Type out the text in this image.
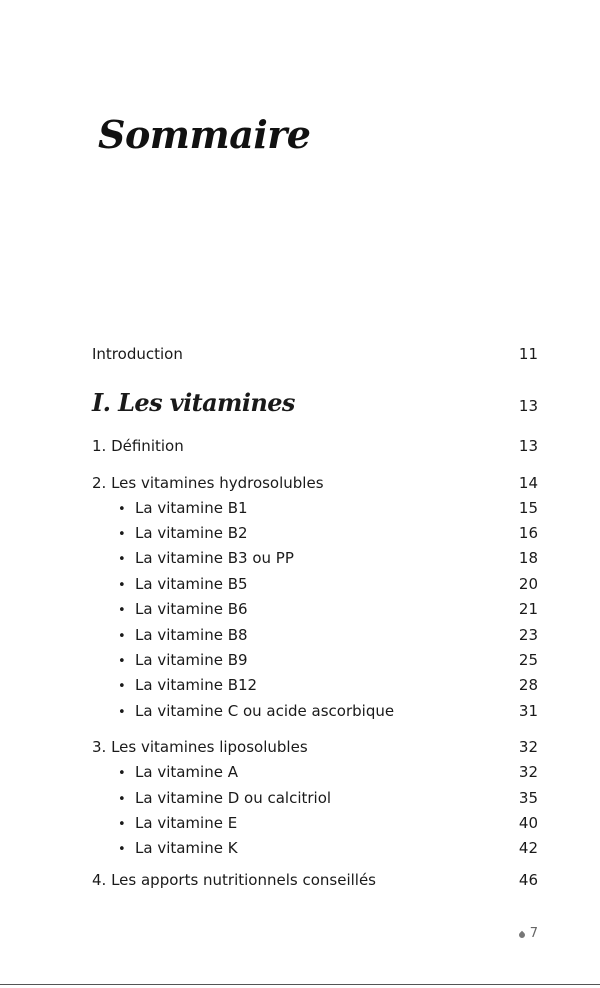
Sommaire
Introduction	11
I. Les vitamines	13
1. Définition	13
2. Les vitamines hydrosolubles	14
• La vitamine B1	15
• La vitamine B2	16
• La vitamine B3 ou PP	18
• La vitamine B5	20
• La vitamine B6	21
• La vitamine B8	23
• La vitamine B9	25
• La vitamine B12	28
• La vitamine C ou acide ascorbique	31
3. Les vitamines liposolubles	32
• La vitamine A	32
• La vitamine D ou calcitriol	35
• La vitamine E	40
• La vitamine K	42
4. Les apports nutritionnels conseillés	46
7
